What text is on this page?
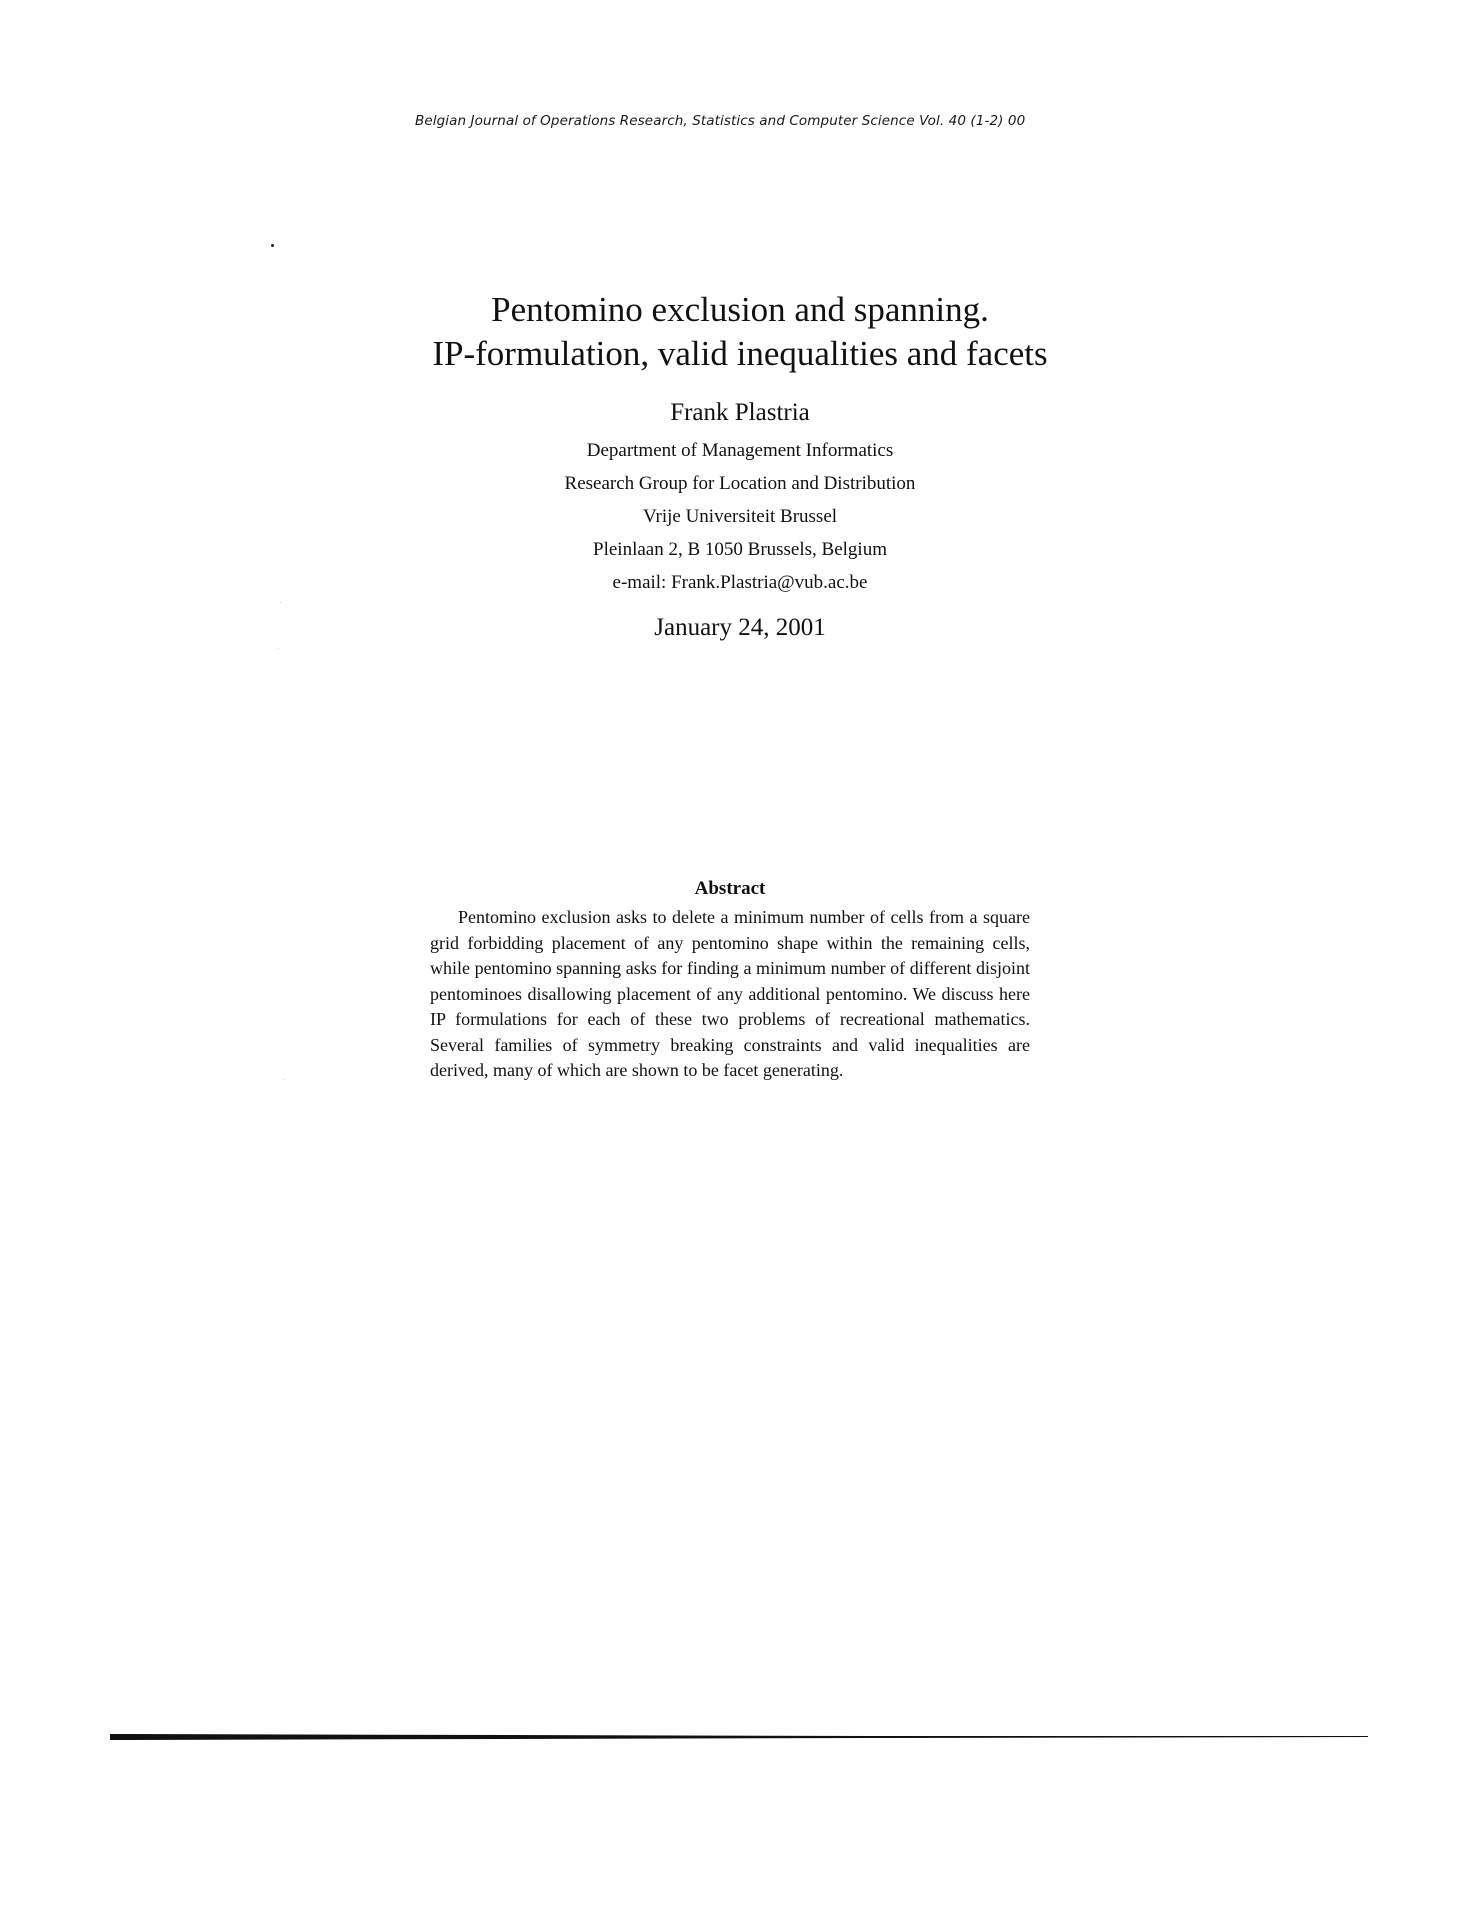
Belgian Journal of Operations Research, Statistics and Computer Science Vol. 40 (1-2) 00
Pentomino exclusion and spanning.
IP-formulation, valid inequalities and facets
Frank Plastria
Department of Management Informatics
Research Group for Location and Distribution
Vrije Universiteit Brussel
Pleinlaan 2, B 1050 Brussels, Belgium
e-mail: Frank.Plastria@vub.ac.be
January 24, 2001
Abstract
Pentomino exclusion asks to delete a minimum number of cells from a square grid forbidding placement of any pentomino shape within the remaining cells, while pentomino spanning asks for finding a minimum number of different disjoint pentominoes disallowing placement of any additional pentomino. We discuss here IP formulations for each of these two problems of recreational mathematics. Several families of symmetry breaking constraints and valid inequalities are derived, many of which are shown to be facet generating.
